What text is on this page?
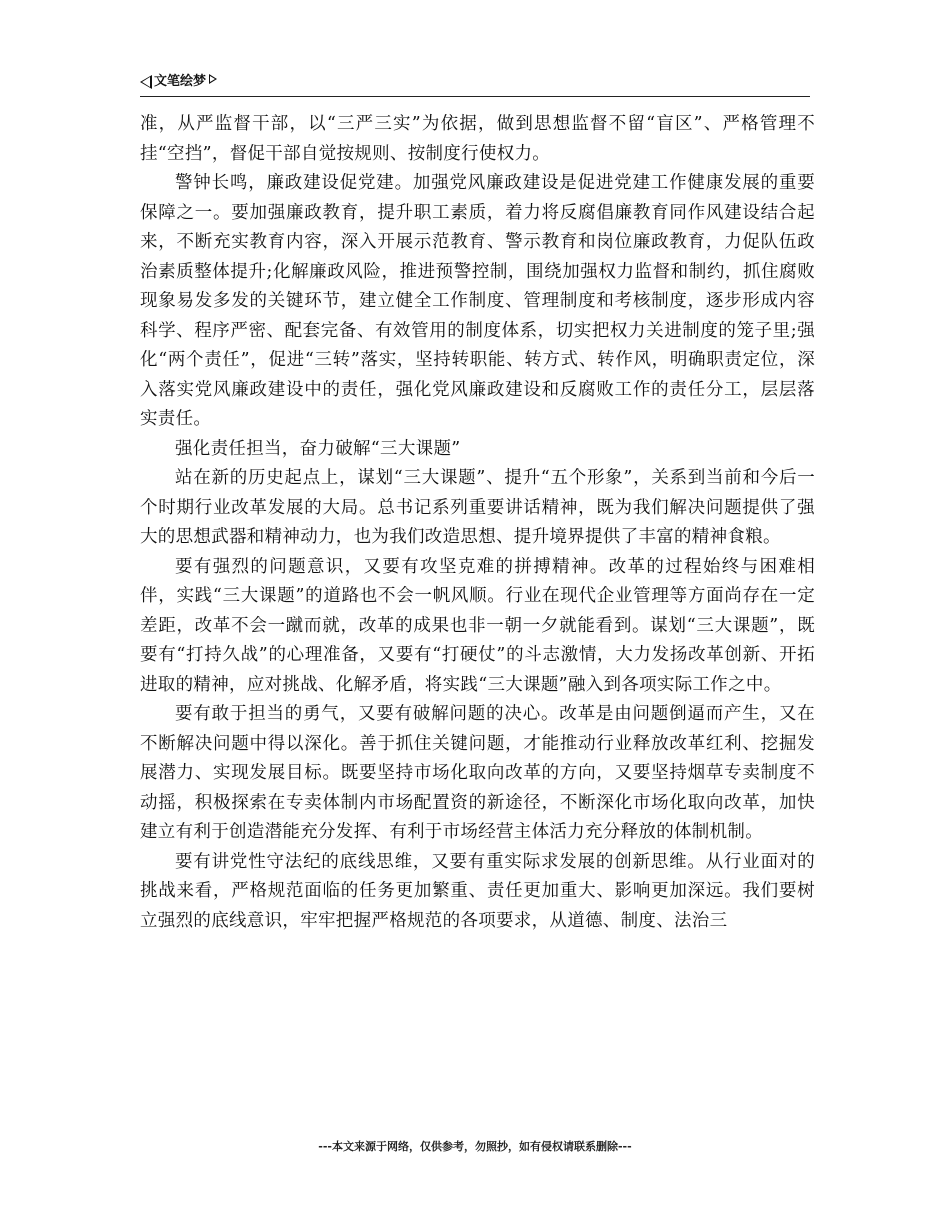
文笔绘梦

准，从严监督干部，以“三严三实”为依据，做到思想监督不留“盲区”、严格管理不挂“空挡”，督促干部自觉按规则、按制度行使权力。

警钟长鸣，廉政建设促党建。加强党风廉政建设是促进党建工作健康发展的重要保障之一。要加强廉政教育，提升职工素质，着力将反腐倡廉教育同作风建设结合起来，不断充实教育内容，深入开展示范教育、警示教育和岗位廉政教育，力促队伍政治素质整体提升;化解廉政风险，推进预警控制，围绕加强权力监督和制约，抓住腐败现象易发多发的关键环节，建立健全工作制度、管理制度和考核制度，逐步形成内容科学、程序严密、配套完备、有效管用的制度体系，切实把权力关进制度的笼子里;强化“两个责任”，促进“三转”落实，坚持转职能、转方式、转作风，明确职责定位，深入落实党风廉政建设中的责任，强化党风廉政建设和反腐败工作的责任分工，层层落实责任。

强化责任担当，奋力破解“三大课题”

站在新的历史起点上，谋划“三大课题”、提升“五个形象”，关系到当前和今后一个时期行业改革发展的大局。总书记系列重要讲话精神，既为我们解决问题提供了强大的思想武器和精神动力，也为我们改造思想、提升境界提供了丰富的精神食粮。

要有强烈的问题意识，又要有攻坚克难的拼搏精神。改革的过程始终与困难相伴，实践“三大课题”的道路也不会一帆风顺。行业在现代企业管理等方面尚存在一定差距，改革不会一蹴而就，改革的成果也非一朝一夕就能看到。谋划“三大课题”，既要有“打持久战”的心理准备，又要有“打硬仗”的斗志激情，大力发扬改革创新、开拓进取的精神，应对挑战、化解矛盾，将实践“三大课题”融入到各项实际工作之中。

要有敢于担当的勇气，又要有破解问题的决心。改革是由问题倒逼而产生，又在不断解决问题中得以深化。善于抓住关键问题，才能推动行业释放改革红利、挖掘发展潜力、实现发展目标。既要坚持市场化取向改革的方向，又要坚持烟草专卖制度不动摇，积极探索在专卖体制内市场配置资的新途径，不断深化市场化取向改革，加快建立有利于创造潜能充分发挥、有利于市场经营主体活力充分释放的体制机制。

要有讲党性守法纪的底线思维，又要有重实际求发展的创新思维。从行业面对的挑战来看，严格规范面临的任务更加繁重、责任更加重大、影响更加深远。我们要树立强烈的底线意识，牢牢把握严格规范的各项要求，从道德、制度、法治三

---本文来源于网络，仅供参考，勿照抄，如有侵权请联系删除---
